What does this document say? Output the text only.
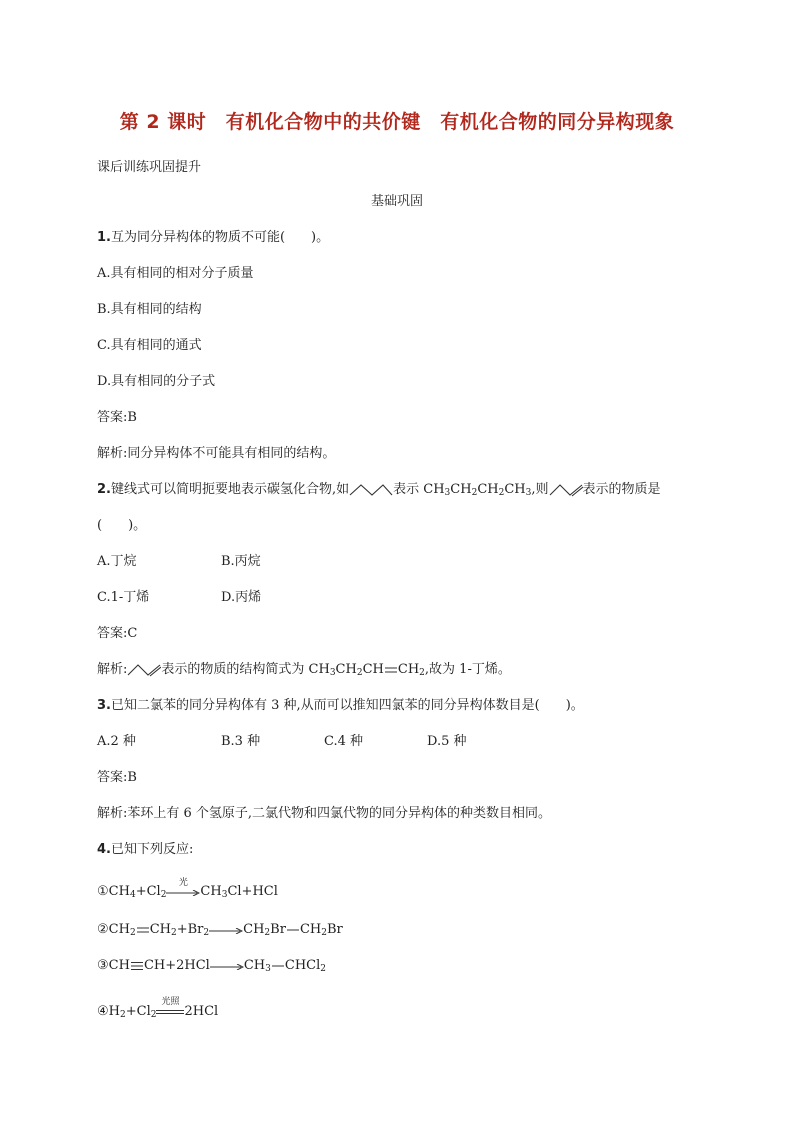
第 2 课时　有机化合物中的共价键　有机化合物的同分异构现象
课后训练巩固提升
基础巩固
1.互为同分异构体的物质不可能(　　)。
A.具有相同的相对分子质量
B.具有相同的结构
C.具有相同的通式
D.具有相同的分子式
答案:B
解析:同分异构体不可能具有相同的结构。
2.键线式可以简明扼要地表示碳氢化合物,如	表示 $CH_3CH_2CH_2CH_3$,则	表示的物质是
(　　)。
A.丁烷	B.丙烷
C.1-丁烯	D.丙烯
答案:C
解析:	表示的物质的结构简式为 $CH_3CH_2CH$ $CH_2$,故为 1-丁烯。
3.已知二氯苯的同分异构体有 3 种,从而可以推知四氯苯的同分异构体数目是(　　)。
A.2 种	B.3 种	C.4 种	D.5 种
答案:B
解析:苯环上有 6 个氢原子,二氯代物和四氯代物的同分异构体的种类数目相同。
4.已知下列反应:
$①CH_4+Cl_2$
光
$CH_3Cl+HCl$
$②CH_2$ $CH_2+Br_2\to CH_2Br$ $CH_2Br$
③CH $CH+2HCl\to CH_3$ CHCl$_2$
$④H_2+Cl_2$
光照
2HCl
